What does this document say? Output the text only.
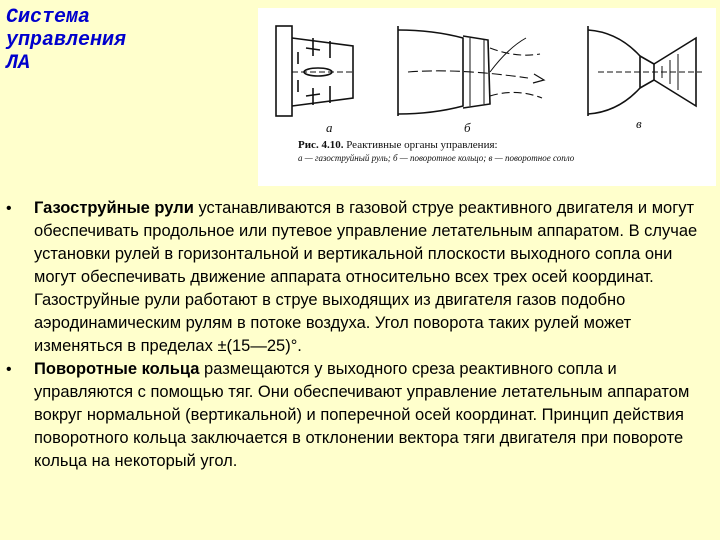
Система
управления
ЛА
а	б	в
Рис. 4.10. Реактивные органы управления:
а — газоструйный руль; б — поворотное кольцо; в — поворотное сопло
• Газоструйные рули устанавливаются в газовой струе реактивного двигателя и могут обеспечивать продольное или путевое управление летательным аппаратом. В случае установки рулей в горизонтальной и вертикальной плоскости выходного сопла они могут обеспечивать движение аппарата относительно всех трех осей координат. Газоструйные рули работают в струе выходящих из двигателя газов подобно аэродинамическим рулям в потоке воздуха. Угол поворота таких рулей может изменяться в пределах ±(15—25)°.
• Поворотные кольца размещаются у выходного среза реактивного сопла и управляются с помощью тяг. Они обеспечивают управление летательным аппаратом вокруг нормальной (вертикальной) и поперечной осей координат. Принцип действия поворотного кольца заключается в отклонении вектора тяги двигателя при повороте кольца на некоторый угол.
